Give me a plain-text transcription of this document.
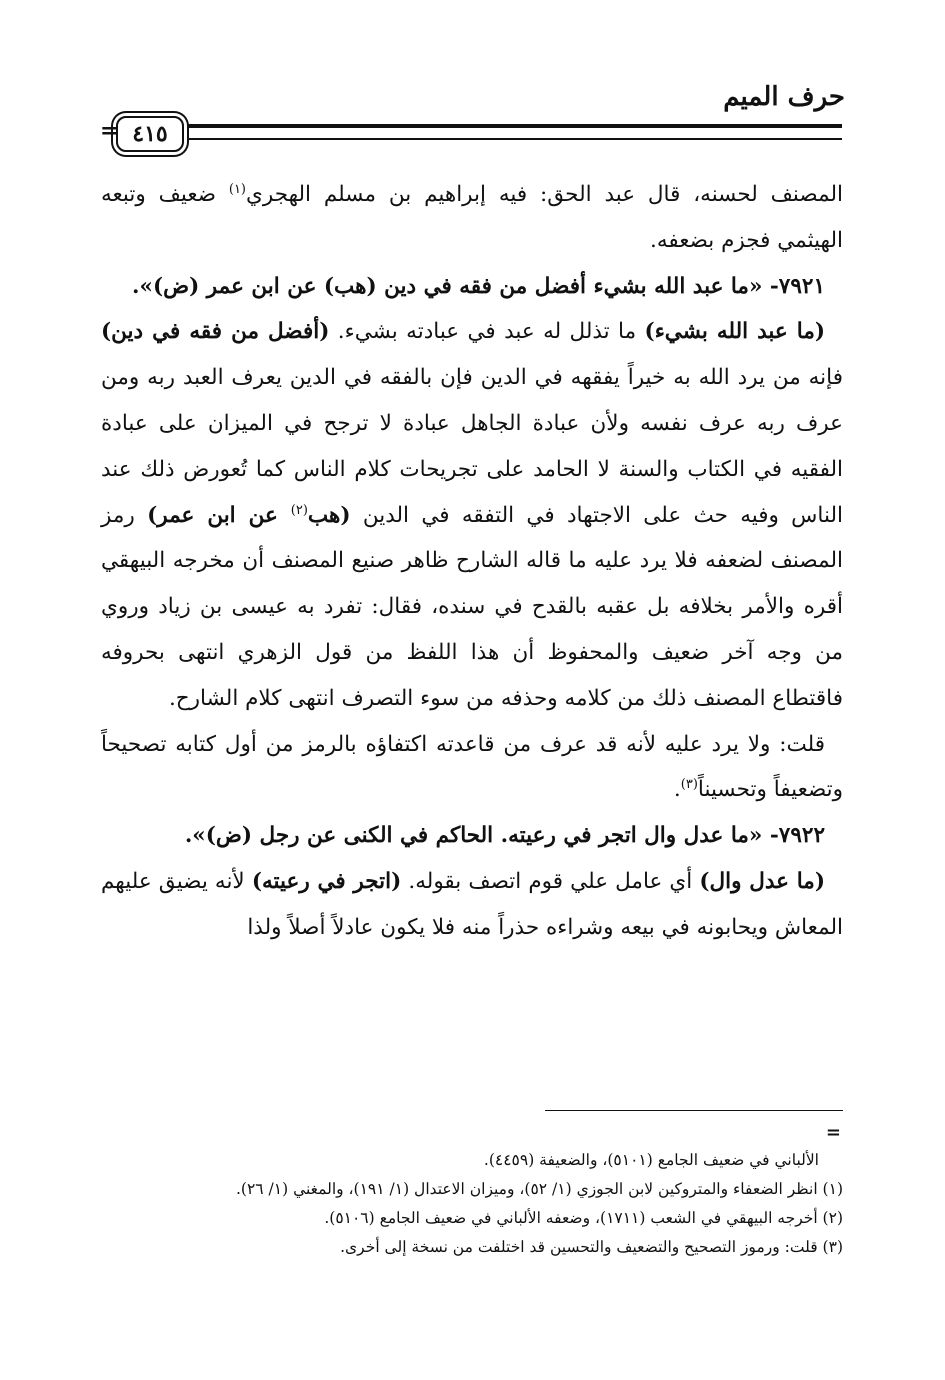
حرف الميم
٤١٥
=

المصنف لحسنه، قال عبد الحق: فيه إبراهيم بن مسلم الهجري$^{(١)}$ ضعيف وتبعه الهيثمي فجزم بضعفه.

٧٩٢١- «ما عبد الله بشيء أفضل من فقه في دين (هب) عن ابن عمر (ض)».

(ما عبد الله بشيء) ما تذلل له عبد في عبادته بشيء. (أفضل من فقه في دين) فإنه من يرد الله به خيراً يفقهه في الدين فإن بالفقه في الدين يعرف العبد ربه ومن عرف ربه عرف نفسه ولأن عبادة الجاهل عبادة لا ترجح في الميزان على عبادة الفقيه في الكتاب والسنة لا الحامد على تجريحات كلام الناس كما تُعورض ذلك عند الناس وفيه حث على الاجتهاد في التفقه في الدين (هب$^{(٢)}$ عن ابن عمر) رمز المصنف لضعفه فلا يرد عليه ما قاله الشارح ظاهر صنيع المصنف أن مخرجه البيهقي أقره والأمر بخلافه بل عقبه بالقدح في سنده، فقال: تفرد به عيسى بن زياد وروي من وجه آخر ضعيف والمحفوظ أن هذا اللفظ من قول الزهري انتهى بحروفه فاقتطاع المصنف ذلك من كلامه وحذفه من سوء التصرف انتهى كلام الشارح.

قلت: ولا يرد عليه لأنه قد عرف من قاعدته اكتفاؤه بالرمز من أول كتابه تصحيحاً وتضعيفاً وتحسيناً$^{(٣)}$.

٧٩٢٢- «ما عدل وال اتجر في رعيته. الحاكم في الكنى عن رجل (ض)».

(ما عدل وال) أي عامل علي قوم اتصف بقوله. (اتجر في رعيته) لأنه يضيق عليهم المعاش ويحابونه في بيعه وشراءه حذراً منه فلا يكون عادلاً أصلاً ولذا

=

الألباني في ضعيف الجامع (٥١٠١)، والضعيفة (٤٤٥٩).

(١) انظر الضعفاء والمتروكين لابن الجوزي (١/ ٥٢)، وميزان الاعتدال (١/ ١٩١)، والمغني (١/ ٢٦).

(٢) أخرجه البيهقي في الشعب (١٧١١)، وضعفه الألباني في ضعيف الجامع (٥١٠٦).

(٣) قلت: ورموز التصحيح والتضعيف والتحسين قد اختلفت من نسخة إلى أخرى.
